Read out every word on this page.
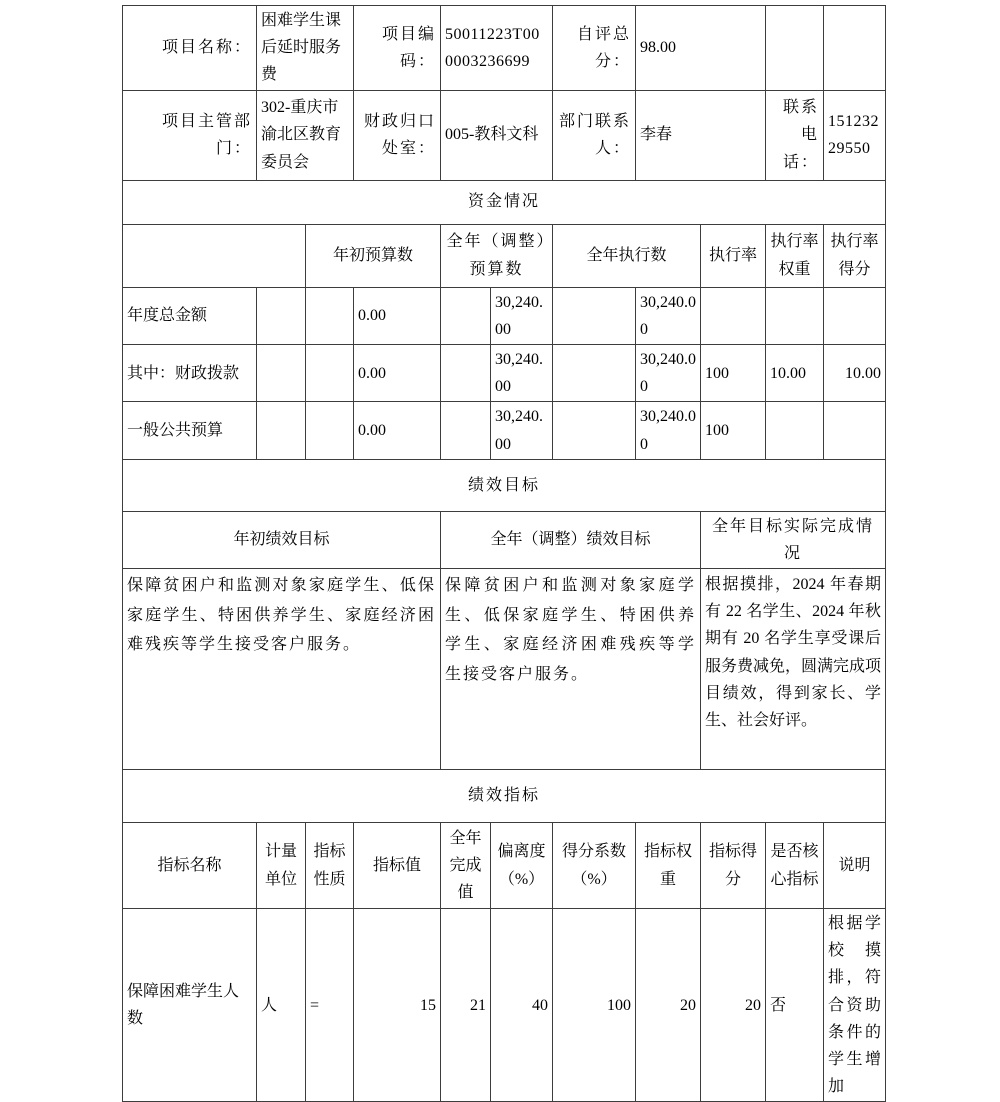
项目名称：	困难学生课后延时服务费		项目编码：	50011223T000003236699		自评总分：	98.00			
项目主管部门：	302-重庆市渝北区教育委员会		财政归口处室：	005-教科文科		部门联系人：	李春		联系电话：	15123229550
资金情况										
		年初预算数		全年（调整）预算数		全年执行数		执行率	执行率权重	执行率得分
年度总金额			0.00		30,240.00		30,240.00			
其中：财政拨款			0.00		30,240.00		30,240.00	100	10.00	10.00
一般公共预算			0.00		30,240.00		30,240.00	100		
绩效目标										
年初绩效目标				全年（调整）绩效目标				全年目标实际完成情况		
保障贫困户和监测对象家庭学生、低保家庭学生、特困供养学生、家庭经济困难残疾等学生接受客户服务。				保障贫困户和监测对象家庭学生、低保家庭学生、特困供养学生、家庭经济困难残疾等学生接受客户服务。				根据摸排，2024 年春期有 22 名学生、2024 年秋期有 20 名学生享受课后服务费减免，圆满完成项目绩效，得到家长、学生、社会好评。		
绩效指标										
指标名称	计量单位	指标性质	指标值	全年完成值	偏离度（%）	得分系数（%）	指标权重	指标得分	是否核心指标	说明
保障困难学生人数	人	=	15	21	40	100	20	20	否	根据学校摸排，符合资助条件的学生增加
